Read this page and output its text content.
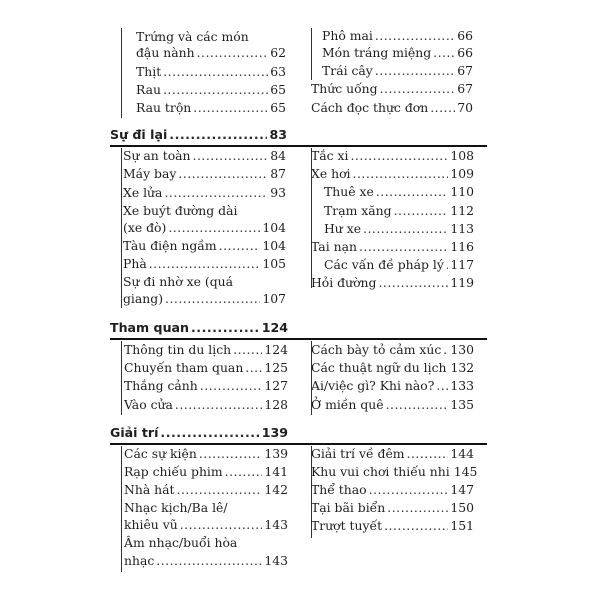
Trứng và các món
đậu nành .....	62
Thịt .....	63
Rau .....	65
Rau trộn .....	65
Phô mai .....	66
Món tráng miệng ..... 66
Trái cây .....	67
Thức uống .....	67
Cách đọc thực đơn ..... 70
Sự đi lại .....	83
Sự an toàn .....	84
Máy bay .....	87
Xe lửa .....	93
Xe buýt đường dài
(xe đò) .....	104
Tàu điện ngầm .....	104
Phà .....	105
Sự đi nhờ xe (quá
giang) .....	107
Tắc xi .....	108
Xe hơi .....	109
Thuê xe .....	110
Trạm xăng .....	112
Hư xe .....	113
Tai nạn .....	116
Các vấn đề pháp lý ..... 117
Hỏi đường .....	119
Tham quan .....	124
Thông tin du lịch .....	124
Chuyến tham quan ..... 125
Thắng cảnh .....	127
Vào cửa .....	128
Cách bày tỏ cảm xúc ..... 130
Các thuật ngữ du lịch 132
Ai/việc gì? Khi nào? ..... 133
Ở miền quê .....	135
Giải trí .....	139
Các sự kiện .....	139
Rạp chiếu phim .....	141
Nhà hát .....	142
Nhạc kịch/Ba lê/
khiêu vũ .....	143
Âm nhạc/buổi hòa
nhạc .....	143
Giải trí về đêm .....	144
Khu vui chơi thiếu nhi 145
Thể thao .....	147
Tại bãi biển .....	150
Trượt tuyết .....	151
